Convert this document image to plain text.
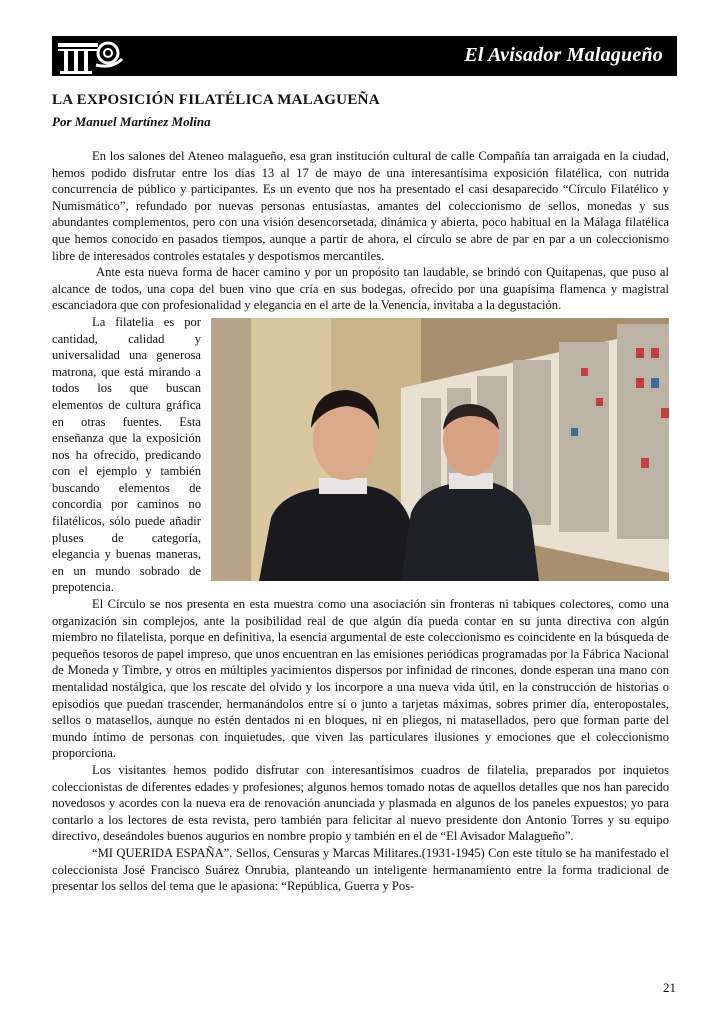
El Avisador Malagueño
LA EXPOSICIÓN FILATÉLICA MALAGUEÑA

Por Manuel Martínez Molina

En los salones del Ateneo malagueño, esa gran institución cultural de calle Compañía tan arraigada en la ciudad, hemos podido disfrutar entre los días 13 al 17 de mayo de una interesantísima exposición filatélica, con nutrida concurrencia de público y participantes. Es un evento que nos ha presentado el casi desaparecido “Círculo Filatélico y Numismático”, refundado por nuevas personas entusiastas, amantes del coleccionismo de sellos, monedas y sus abundantes complementos, pero con una visión desencorsetada, dinámica y abierta, poco habitual en la Málaga filatélica que hemos conocido en pasados tiempos, aunque a partir de ahora, el círculo se abre de par en par a un coleccionismo libre de interesados controles estatales y despotismos mercantiles.

Ante esta nueva forma de hacer camino y por un propósito tan laudable, se brindó con Quitapenas, que puso al alcance de todos, una copa del buen vino que cría en sus bodegas, ofrecido por una guapísima flamenca y magistral escanciadora que con profesionalidad y elegancia en el arte de la Venencia, invitaba a la degustación.

La filatelia es por cantidad, calidad y universalidad una generosa matrona, que está mirando a todos los que buscan elementos de cultura gráfica en otras fuentes. Esta enseñanza que la exposición nos ha ofrecido, predicando con el ejemplo y también buscando elementos de concordia por caminos no filatélicos, sólo puede añadir pluses de categoría, elegancia y buenas maneras, en un mundo sobrado de prepotencia.

El Círculo se nos presenta en esta muestra como una asociación sin fronteras ni tabiques colectores, como una organización sin complejos, ante la posibilidad real de que algún día pueda contar en su junta directiva con algún miembro no filatelista, porque en definitiva, la esencia argumental de este coleccionismo es coincidente en la búsqueda de pequeños tesoros de papel impreso, que unos encuentran en las emisiones periódicas programadas por la Fábrica Nacional de Moneda y Timbre, y otros en múltiples yacimientos dispersos por infinidad de rincones, donde esperan una mano con mentalidad nostálgica, que los rescate del olvido y los incorpore a una nueva vida útil, en la construcción de historias o episodios que puedan trascender, hermanándolos entre sí o junto a tarjetas máximas, sobres primer día, enteropostales, sellos o matasellos, aunque no estén dentados ni en bloques, ni en pliegos, ni matasellados, pero que forman parte del mundo íntimo de personas con inquietudes, que viven las particulares ilusiones y emociones que el coleccionismo proporciona.

Los visitantes hemos podido disfrutar con interesantísimos cuadros de filatelia, preparados por inquietos coleccionistas de diferentes edades y profesiones; algunos hemos tomado notas de aquellos detalles que nos han parecido novedosos y acordes con la nueva era de renovación anunciada y plasmada en algunos de los paneles expuestos; yo para contarlo a los lectores de esta revista, pero también para felicitar al nuevo presidente don Antonio Torres y su equipo directivo, deseándoles buenos augurios en nombre propio y también en el de “El Avisador Malagueño”.

“MI QUERIDA ESPAÑA”. Sellos, Censuras y Marcas Militares.(1931-1945) Con este título se ha manifestado el coleccionista José Francisco Suárez Onrubia, planteando un inteligente hermanamiento entre la forma tradicional de presentar los sellos del tema que le apasiona: “República, Guerra y Pos-

21
